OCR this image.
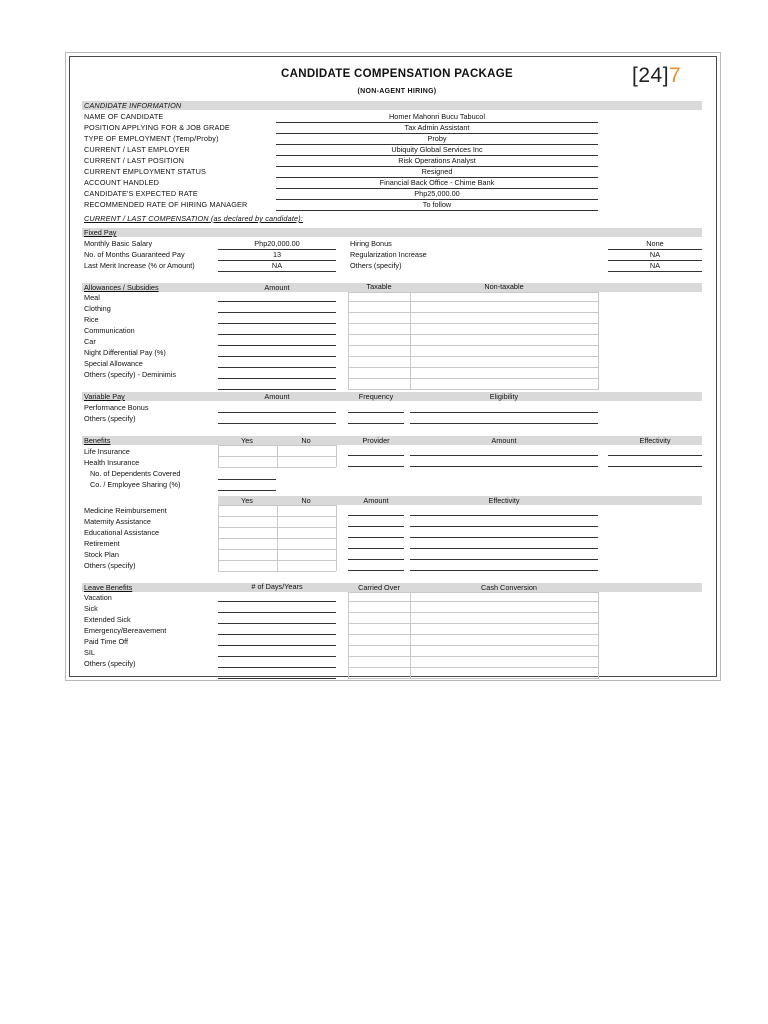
CANDIDATE COMPENSATION PACKAGE
(NON-AGENT HIRING)
[24]7
CANDIDATE INFORMATION
NAME OF CANDIDATE	Homer Mahonri Bucu Tabucol
POSITION APPLYING FOR & JOB GRADE	Tax Admin Assistant
TYPE OF EMPLOYMENT (Temp/Proby)	Proby
CURRENT / LAST EMPLOYER	Ubiquity Global Services Inc
CURRENT / LAST POSITION	Risk Operations Analyst
CURRENT EMPLOYMENT STATUS	Resigned
ACCOUNT HANDLED	Financial Back Office - Chime Bank
CANDIDATE'S EXPECTED RATE	Php25,000.00
RECOMMENDED RATE OF HIRING MANAGER	To follow
CURRENT / LAST COMPENSATION (as declared by candidate):
Fixed Pay
Monthly Basic Salary	Php20,000.00
No. of Months Guaranteed Pay	13
Last Merit Increase (% or Amount)	NA
Hiring Bonus	None
Regularization Increase	NA
Others (specify)	NA
Allowances / Subsidies	Amount	Taxable	Non-taxable
Meal
Clothing
Rice
Communication
Car
Night Differential Pay (%)
Special Allowance
Others (specify) - Deminimis
Variable Pay	Amount	Frequency	Eligibility
Performance Bonus
Others (specify)
Benefits	Yes	No	Provider	Amount	Effectivity
Life Insurance
Health Insurance
No. of Dependents Covered
Co. / Employee Sharing (%)
Yes	No	Amount	Effectivity
Medicine Reimbursement
Maternity Assistance
Educational Assistance
Retirement
Stock Plan
Others (specify)
Leave Benefits	# of Days/Years	Carried Over	Cash Conversion
Vacation
Sick
Extended Sick
Emergency/Bereavement
Paid Time Off
SIL
Others (specify)
